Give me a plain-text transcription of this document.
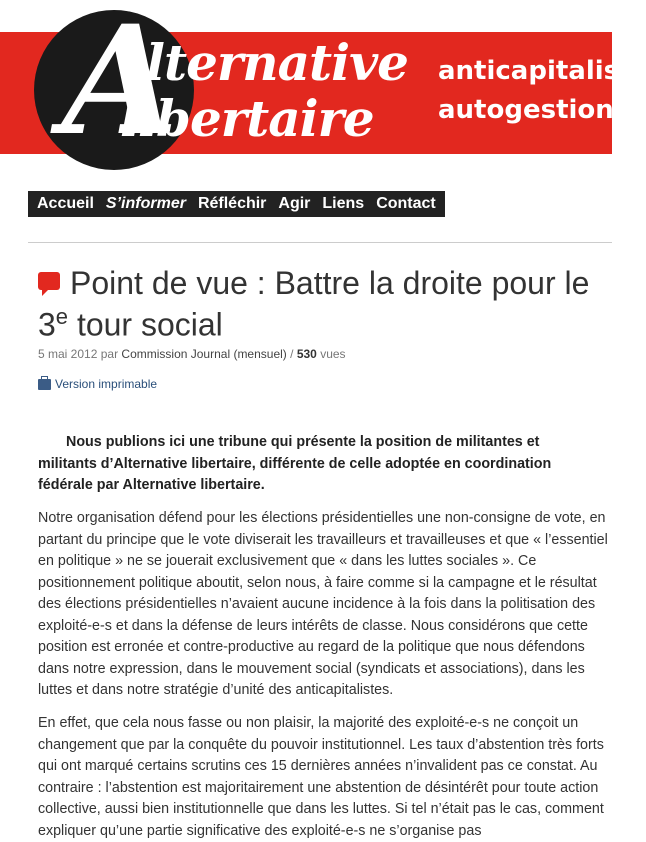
A
lternative
libertaire
anticapitalism
autogestion
Accueil S’informer Réfléchir Agir Liens Contact
Point de vue : Battre la droite pour le 3e tour social
5 mai 2012 par Commission Journal (mensuel) / 530 vues
Version imprimable

Nous publions ici une tribune qui présente la position de militantes et militants d’Alternative libertaire, différente de celle adoptée en coordination fédérale par Alternative libertaire.

Notre organisation défend pour les élections présidentielles une non-consigne de vote, en partant du principe que le vote diviserait les travailleurs et travailleuses et que « l’essentiel en politique » ne se jouerait exclusivement que « dans les luttes sociales ». Ce positionnement politique aboutit, selon nous, à faire comme si la campagne et le résultat des élections présidentielles n’avaient aucune incidence à la fois dans la politisation des exploité-e-s et dans la défense de leurs intérêts de classe. Nous considérons que cette position est erronée et contre-productive au regard de la politique que nous défendons dans notre expression, dans le mouvement social (syndicats et associations), dans les luttes et dans notre stratégie d’unité des anticapitalistes.

En effet, que cela nous fasse ou non plaisir, la majorité des exploité-e-s ne conçoit un changement que par la conquête du pouvoir institutionnel. Les taux d’abstention très forts qui ont marqué certains scrutins ces 15 dernières années n’invalident pas ce constat. Au contraire : l’abstention est majoritairement une abstention de désintérêt pour toute action collective, aussi bien institutionnelle que dans les luttes. Si tel n’était pas le cas, comment expliquer qu’une partie significative des exploité-e-s ne s’organise pas
